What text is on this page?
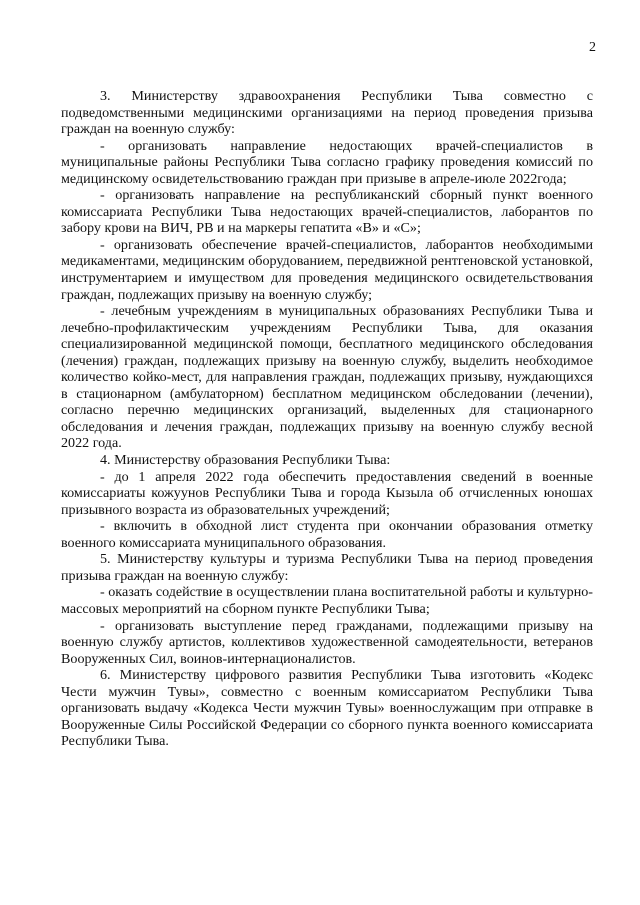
2

3. Министерству здравоохранения Республики Тыва совместно с подведомственными медицинскими организациями на период проведения призыва граждан на военную службу:

- организовать направление недостающих врачей-специалистов в муниципальные районы Республики Тыва согласно графику проведения комиссий по медицинскому освидетельствованию граждан при призыве в апреле-июле 2022года;

- организовать направление на республиканский сборный пункт военного комиссариата Республики Тыва недостающих врачей-специалистов, лаборантов по забору крови на ВИЧ, РВ и на маркеры гепатита «В» и «С»;

- организовать обеспечение врачей-специалистов, лаборантов необходимыми медикаментами, медицинским оборудованием, передвижной рентгеновской установкой, инструментарием и имуществом для проведения медицинского освидетельствования граждан, подлежащих призыву на военную службу;

- лечебным учреждениям в муниципальных образованиях Республики Тыва и лечебно-профилактическим учреждениям Республики Тыва, для оказания специализированной медицинской помощи, бесплатного медицинского обследования (лечения) граждан, подлежащих призыву на военную службу, выделить необходимое количество койко-мест, для направления граждан, подлежащих призыву, нуждающихся в стационарном (амбулаторном) бесплатном медицинском обследовании (лечении), согласно перечню медицинских организаций, выделенных для стационарного обследования и лечения граждан, подлежащих призыву на военную службу весной 2022 года.

4. Министерству образования Республики Тыва:

- до 1 апреля 2022 года обеспечить предоставления сведений в военные комиссариаты кожуунов Республики Тыва и города Кызыла об отчисленных юношах призывного возраста из образовательных учреждений;

- включить в обходной лист студента при окончании образования отметку военного комиссариата муниципального образования.

5. Министерству культуры и туризма Республики Тыва на период проведения призыва граждан на военную службу:

- оказать содействие в осуществлении плана воспитательной работы и культурно-массовых мероприятий на сборном пункте Республики Тыва;

- организовать выступление перед гражданами, подлежащими призыву на военную службу артистов, коллективов художественной самодеятельности, ветеранов Вооруженных Сил, воинов-интернационалистов.

6. Министерству цифрового развития Республики Тыва изготовить «Кодекс Чести мужчин Тувы», совместно с военным комиссариатом Республики Тыва организовать выдачу «Кодекса Чести мужчин Тувы» военнослужащим при отправке в Вооруженные Силы Российской Федерации со сборного пункта военного комиссариата Республики Тыва.
